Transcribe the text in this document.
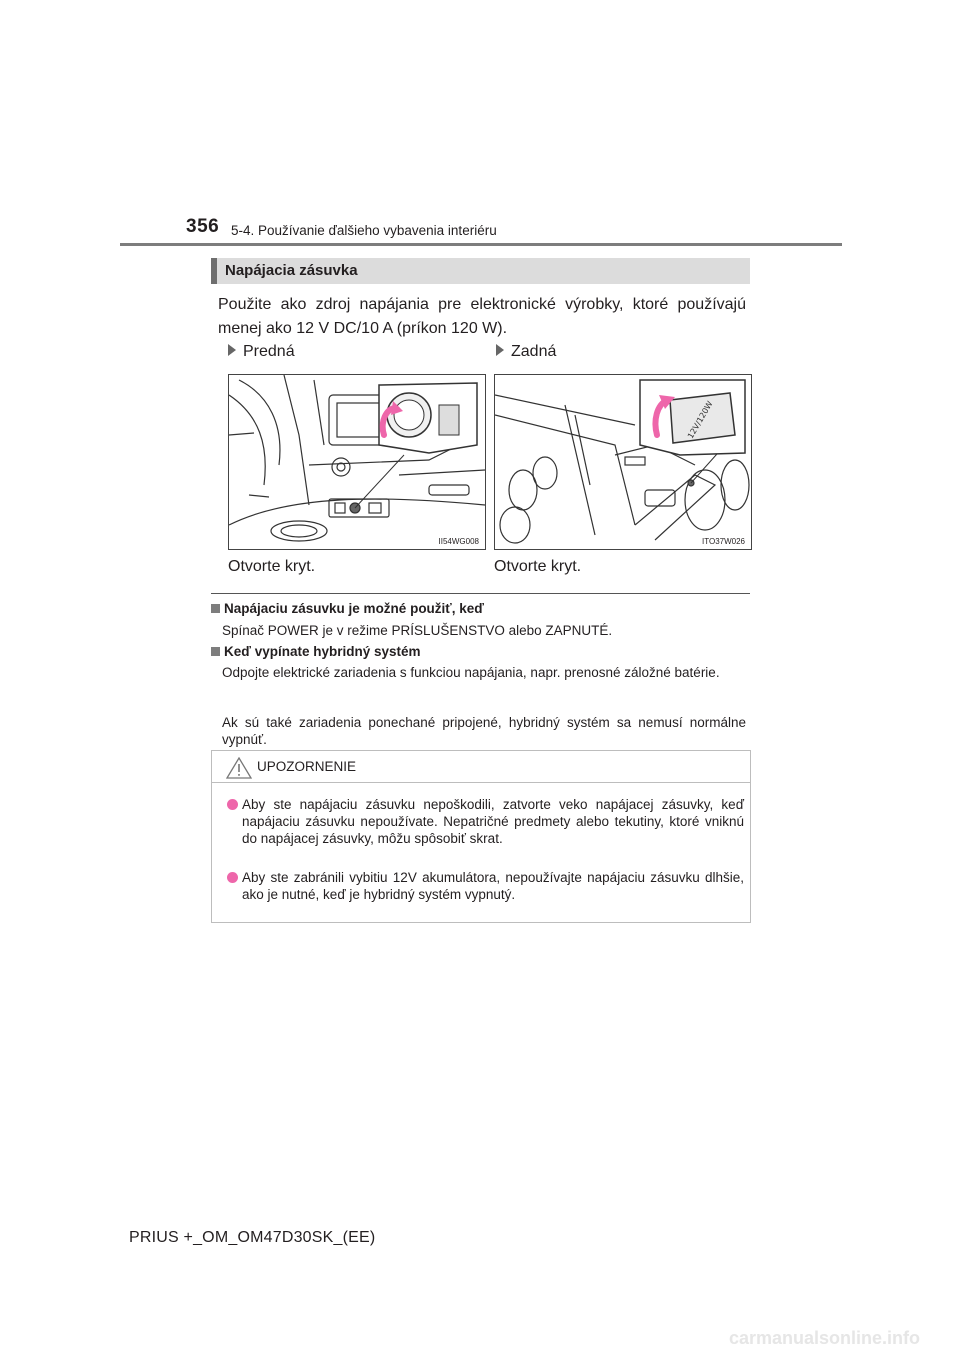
356 5-4. Používanie ďalšieho vybavenia interiéru
Napájacia zásuvka
Použite ako zdroj napájania pre elektronické výrobky, ktoré používajú menej ako 12 V DC/10 A (príkon 120 W).
Predná	Zadná
II54WG008
12V/120W
ITO37W026
Otvorte kryt.	Otvorte kryt.
Napájaciu zásuvku je možné použiť, keď
Spínač POWER je v režime PRÍSLUŠENSTVO alebo ZAPNUTÉ.
Keď vypínate hybridný systém
Odpojte elektrické zariadenia s funkciou napájania, napr. prenosné záložné batérie.
Ak sú také zariadenia ponechané pripojené, hybridný systém sa nemusí normálne vypnúť.
UPOZORNENIE
Aby ste napájaciu zásuvku nepoškodili, zatvorte veko napájacej zásuvky, keď napájaciu zásuvku nepoužívate. Nepatričné predmety alebo tekutiny, ktoré vniknú do napájacej zásuvky, môžu spôsobiť skrat.
Aby ste zabránili vybitiu 12V akumulátora, nepoužívajte napájaciu zásuvku dlhšie, ako je nutné, keď je hybridný systém vypnutý.
PRIUS +_OM_OM47D30SK_(EE)
carmanualsonline.info
